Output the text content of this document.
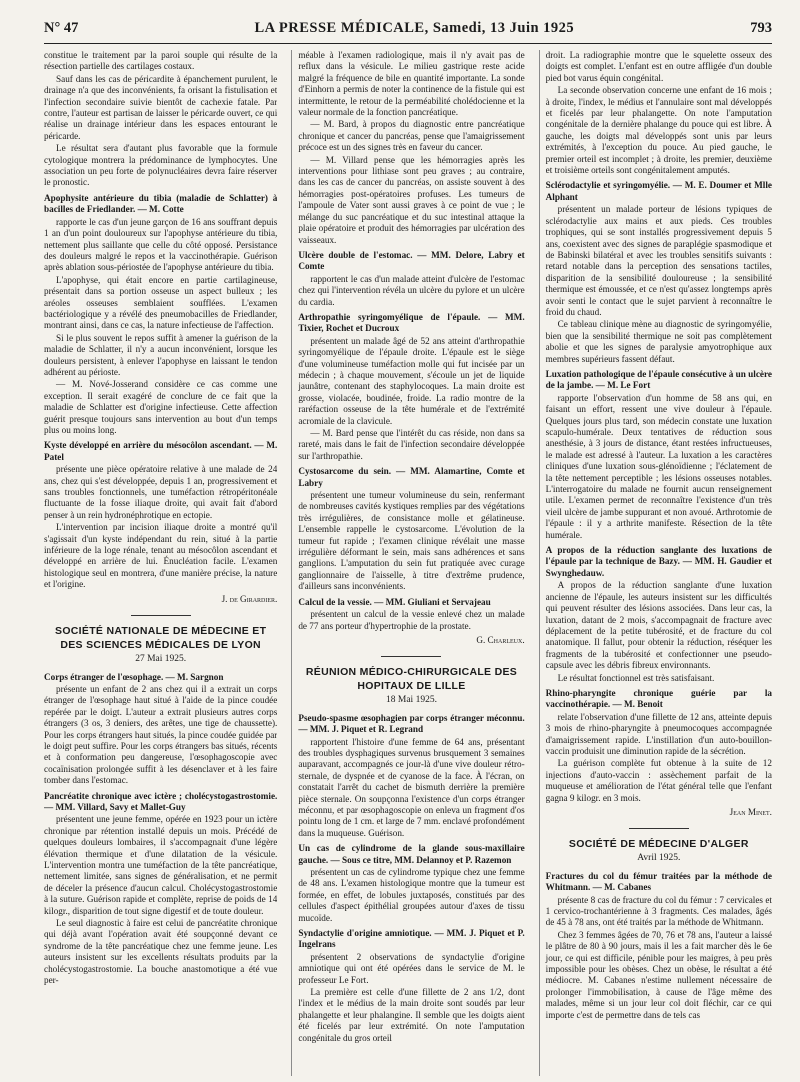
N° 47	LA PRESSE MÉDICALE, Samedi, 13 Juin 1925	793

constitue le traitement par la paroi souple qui résulte de la résection partielle des cartilages costaux.

Sauf dans les cas de péricardite à épanchement purulent, le drainage n'a que des inconvénients, fa orisant la fistulisation et l'infection secondaire suivie bientôt de cachexie fatale. Par contre, l'auteur est partisan de laisser le péricarde ouvert, ce qui réalise un drainage intérieur dans les espaces entourant le péricarde.

Le résultat sera d'autant plus favorable que la formule cytologique montrera la prédominance de lymphocytes. Une association un peu forte de polynucléaires devra faire réserver le pronostic.

Apophysite antérieure du tibia (maladie de Schlatter) à bacilles de Friedlander. — M. Cotte

rapporte le cas d'un jeune garçon de 16 ans souffrant depuis 1 an d'un point douloureux sur l'apophyse antérieure du tibia, nettement plus saillante que celle du côté opposé. Persistance des douleurs malgré le repos et la vaccinothérapie. Guérison après ablation sous-périostée de l'apophyse antérieure du tibia.

L'apophyse, qui était encore en partie cartilagineuse, présentait dans sa portion osseuse un aspect bulleux ; les aréoles osseuses semblaient soufflées. L'examen bactériologique y a révélé des pneumobacilles de Friedlander, montrant ainsi, dans ce cas, la nature infectieuse de l'affection.

Si le plus souvent le repos suffit à amener la guérison de la maladie de Schlatter, il n'y a aucun inconvénient, lorsque les douleurs persistent, à enlever l'apophyse en laissant le tendon adhérent au périoste.

— M. Nové-Josserand considère ce cas comme une exception. Il serait exagéré de conclure de ce fait que la maladie de Schlatter est d'origine infectieuse. Cette affection guérit presque toujours sans intervention au bout d'un temps plus ou moins long.

Kyste développé en arrière du mésocôlon ascendant. — M. Patel

présente une pièce opératoire relative à une malade de 24 ans, chez qui s'est développée, depuis 1 an, progressivement et sans troubles fonctionnels, une tuméfaction rétropéritonéale fluctuante de la fosse iliaque droite, qui avait fait d'abord penser à un rein hydronéphrotique en ectopie.

L'intervention par incision iliaque droite a montré qu'il s'agissait d'un kyste indépendant du rein, situé à la partie inférieure de la loge rénale, tenant au mésocôlon ascendant et développé en arrière de lui. Énucléation facile. L'examen histologique seul en montrera, d'une manière précise, la nature et l'origine.

J. de Girardier.
SOCIÉTÉ NATIONALE DE MÉDECINE ET DES SCIENCES MÉDICALES DE LYON
27 Mai 1925.

Corps étranger de l'œsophage. — M. Sargnon

présente un enfant de 2 ans chez qui il a extrait un corps étranger de l'œsophage haut situé à l'aide de la pince coudée repérée par le doigt. L'auteur a extrait plusieurs autres corps étrangers (3 os, 3 deniers, des arêtes, une tige de chaussette). Pour les corps étrangers haut situés, la pince coudée guidée par le doigt peut suffire. Pour les corps étrangers bas situés, récents et à conformation peu dangereuse, l'œsophagoscopie avec cocaïnisation prolongée suffit à les désenclaver et à les faire tomber dans l'estomac.

Pancréatite chronique avec ictère ; cholécystogastrostomie. — MM. Villard, Savy et Mallet-Guy

présentent une jeune femme, opérée en 1923 pour un ictère chronique par rétention installé depuis un mois. Précédé de quelques douleurs lombaires, il s'accompagnait d'une légère élévation thermique et d'une dilatation de la vésicule. L'intervention montra une tuméfaction de la tête pancréatique, nettement limitée, sans signes de généralisation, et ne permit de déceler la présence d'aucun calcul. Cholécystogastrostomie à la suture. Guérison rapide et complète, reprise de poids de 14 kilogr., disparition de tout signe digestif et de toute douleur.

Le seul diagnostic à faire est celui de pancréatite chronique qui déjà avant l'opération avait été soupçonné devant ce syndrome de la tête pancréatique chez une femme jeune. Les auteurs insistent sur les excellents résultats produits par la cholécystogastrostomie. La bouche anastomotique a été vue per-

méable à l'examen radiologique, mais il n'y avait pas de reflux dans la vésicule. Le milieu gastrique reste acide malgré la fréquence de bile en quantité importante. La sonde d'Einhorn a permis de noter la continence de la fistule qui est intermittente, le retour de la perméabilité cholédocienne et la valeur normale de la fonction pancréatique.

— M. Bard, à propos du diagnostic entre pancréatique chronique et cancer du pancréas, pense que l'amaigrissement précoce est un des signes très en faveur du cancer.

— M. Villard pense que les hémorragies après les interventions pour lithiase sont peu graves ; au contraire, dans les cas de cancer du pancréas, on assiste souvent à des hémorragies post-opératoires profuses. Les tumeurs de l'ampoule de Vater sont aussi graves à ce point de vue ; le mélange du suc pancréatique et du suc intestinal attaque la plaie opératoire et produit des hémorragies par ulcération des vaisseaux.

Ulcère double de l'estomac. — MM. Delore, Labry et Comte

rapportent le cas d'un malade atteint d'ulcère de l'estomac chez qui l'intervention révéla un ulcère du pylore et un ulcère du cardia.

Arthropathie syringomyélique de l'épaule. — MM. Tixier, Rochet et Ducroux

présentent un malade âgé de 52 ans atteint d'arthropathie syringomyélique de l'épaule droite. L'épaule est le siège d'une volumineuse tuméfaction molle qui fut incisée par un médecin ; à chaque mouvement, s'écoule un jet de liquide jaunâtre, contenant des staphylocoques. La main droite est grosse, violacée, boudinée, froide. La radio montre de la raréfaction osseuse de la tête humérale et de l'extrémité acromiale de la clavicule.

— M. Bard pense que l'intérêt du cas réside, non dans sa rareté, mais dans le fait de l'infection secondaire développée sur l'arthropathie.

Cystosarcome du sein. — MM. Alamartine, Comte et Labry

présentent une tumeur volumineuse du sein, renfermant de nombreuses cavités kystiques remplies par des végétations très irrégulières, de consistance molle et gélatineuse. L'ensemble rappelle le cystosarcome. L'évolution de la tumeur fut rapide ; l'examen clinique révélait une masse irrégulière déformant le sein, mais sans adhérences et sans ganglions. L'amputation du sein fut pratiquée avec curage ganglionnaire de l'aisselle, à titre d'extrême prudence, d'ailleurs sans inconvénients.

Calcul de la vessie. — MM. Giuliani et Servajeau

présentent un calcul de la vessie enlevé chez un malade de 77 ans porteur d'hypertrophie de la prostate.

G. Charleux.
RÉUNION MÉDICO-CHIRURGICALE DES HOPITAUX DE LILLE
18 Mai 1925.

Pseudo-spasme œsophagien par corps étranger méconnu. — MM. J. Piquet et R. Legrand

rapportent l'histoire d'une femme de 64 ans, présentant des troubles dysphagiques survenus brusquement 3 semaines auparavant, accompagnés ce jour-là d'une vive douleur rétro-sternale, de dyspnée et de cyanose de la face. À l'écran, on constatait l'arrêt du cachet de bismuth derrière la première pièce sternale. On soupçonna l'existence d'un corps étranger méconnu, et par œsophagoscopie on enleva un fragment d'os pointu long de 1 cm. et large de 7 mm. enclavé profondément dans la muqueuse. Guérison.

Un cas de cylindrome de la glande sous-maxillaire gauche. — Sous ce titre, MM. Delannoy et P. Razemon

présentent un cas de cylindrome typique chez une femme de 48 ans. L'examen histologique montre que la tumeur est formée, en effet, de lobules juxtaposés, constitués par des cellules d'aspect épithélial groupées autour d'axes de tissu mucoïde.

Syndactylie d'origine amniotique. — MM. J. Piquet et P. Ingelrans

présentent 2 observations de syndactylie d'origine amniotique qui ont été opérées dans le service de M. le professeur Le Fort.

La première est celle d'une fillette de 2 ans 1/2, dont l'index et le médius de la main droite sont soudés par leur phalangette et leur phalangine. Il semble que les doigts aient été ficelés par leur extrémité. On note l'amputation congénitale du gros orteil

droit. La radiographie montre que le squelette osseux des doigts est complet. L'enfant est en outre affligée d'un double pied bot varus équin congénital.

La seconde observation concerne une enfant de 16 mois ; à droite, l'index, le médius et l'annulaire sont mal développés et ficelés par leur phalangette. On note l'amputation congénitale de la dernière phalange du pouce qui est libre. À gauche, les doigts mal développés sont unis par leurs extrémités, à l'exception du pouce. Au pied gauche, le premier orteil est incomplet ; à droite, les premier, deuxième et troisième orteils sont congénitalement amputés.

Sclérodactylie et syringomyélie. — M. E. Doumer et Mlle Alphant

présentent un malade porteur de lésions typiques de sclérodactylie aux mains et aux pieds. Ces troubles trophiques, qui se sont installés progressivement depuis 5 ans, coexistent avec des signes de paraplégie spasmodique et de Babinski bilatéral et avec les troubles sensitifs suivants : retard notable dans la perception des sensations tactiles, disparition de la sensibilité douloureuse ; la sensibilité thermique est émoussée, et ce n'est qu'assez longtemps après avoir senti le contact que le sujet parvient à reconnaître le froid du chaud.

Ce tableau clinique mène au diagnostic de syringomyélie, bien que la sensibilité thermique ne soit pas complètement abolie et que les signes de paralysie amyotrophique aux membres supérieurs fassent défaut.

Luxation pathologique de l'épaule consécutive à un ulcère de la jambe. — M. Le Fort

rapporte l'observation d'un homme de 58 ans qui, en faisant un effort, ressent une vive douleur à l'épaule. Quelques jours plus tard, son médecin constate une luxation scapulo-humérale. Deux tentatives de réduction sous anesthésie, à 3 jours de distance, étant restées infructueuses, le malade est adressé à l'auteur. La luxation a les caractères cliniques d'une luxation sous-glénoïdienne ; l'éclatement de la tête nettement perceptible ; les lésions osseuses notables. L'interrogatoire du malade ne fournit aucun renseignement utile. L'examen permet de reconnaître l'existence d'un très vieil ulcère de jambe suppurant et non avoué. Arthrotomie de l'épaule : il y a arthrite manifeste. Résection de la tête humérale.

A propos de la réduction sanglante des luxations de l'épaule par la technique de Bazy. — MM. H. Gaudier et Swynghedauw.

A propos de la réduction sanglante d'une luxation ancienne de l'épaule, les auteurs insistent sur les difficultés qui peuvent résulter des lésions associées. Dans leur cas, la luxation, datant de 2 mois, s'accompagnait de fracture avec déplacement de la petite tubérosité, et de fracture du col anatomique. Il fallut, pour obtenir la réduction, réséquer les fragments de la tubérosité et confectionner une pseudo-capsule avec les débris fibreux environnants.

Le résultat fonctionnel est très satisfaisant.

Rhino-pharyngite chronique guérie par la vaccinothérapie. — M. Benoit

relate l'observation d'une fillette de 12 ans, atteinte depuis 3 mois de rhino-pharyngite à pneumocoques accompagnée d'amaigrissement rapide. L'instillation d'un auto-bouillon-vaccin produisit une diminution rapide de la sécrétion.

La guérison complète fut obtenue à la suite de 12 injections d'auto-vaccin : assèchement parfait de la muqueuse et amélioration de l'état général telle que l'enfant gagna 9 kilogr. en 3 mois.

Jean Minet.
SOCIÉTÉ DE MÉDECINE D'ALGER
Avril 1925.

Fractures du col du fémur traitées par la méthode de Whitmann. — M. Cabanes

présente 8 cas de fracture du col du fémur : 7 cervicales et 1 cervico-trochantérienne à 3 fragments. Ces malades, âgés de 45 à 78 ans, ont été traités par la méthode de Whitmann.

Chez 3 femmes âgées de 70, 76 et 78 ans, l'auteur a laissé le plâtre de 80 à 90 jours, mais il les a fait marcher dès le 6e jour, ce qui est difficile, pénible pour les maigres, à peu près impossible pour les obèses. Chez un obèse, le résultat a été médiocre. M. Cabanes n'estime nullement nécessaire de prolonger l'immobilisation, à cause de l'âge même des malades, même si un jour leur col doit fléchir, car ce qui importe c'est de permettre dans de tels cas
